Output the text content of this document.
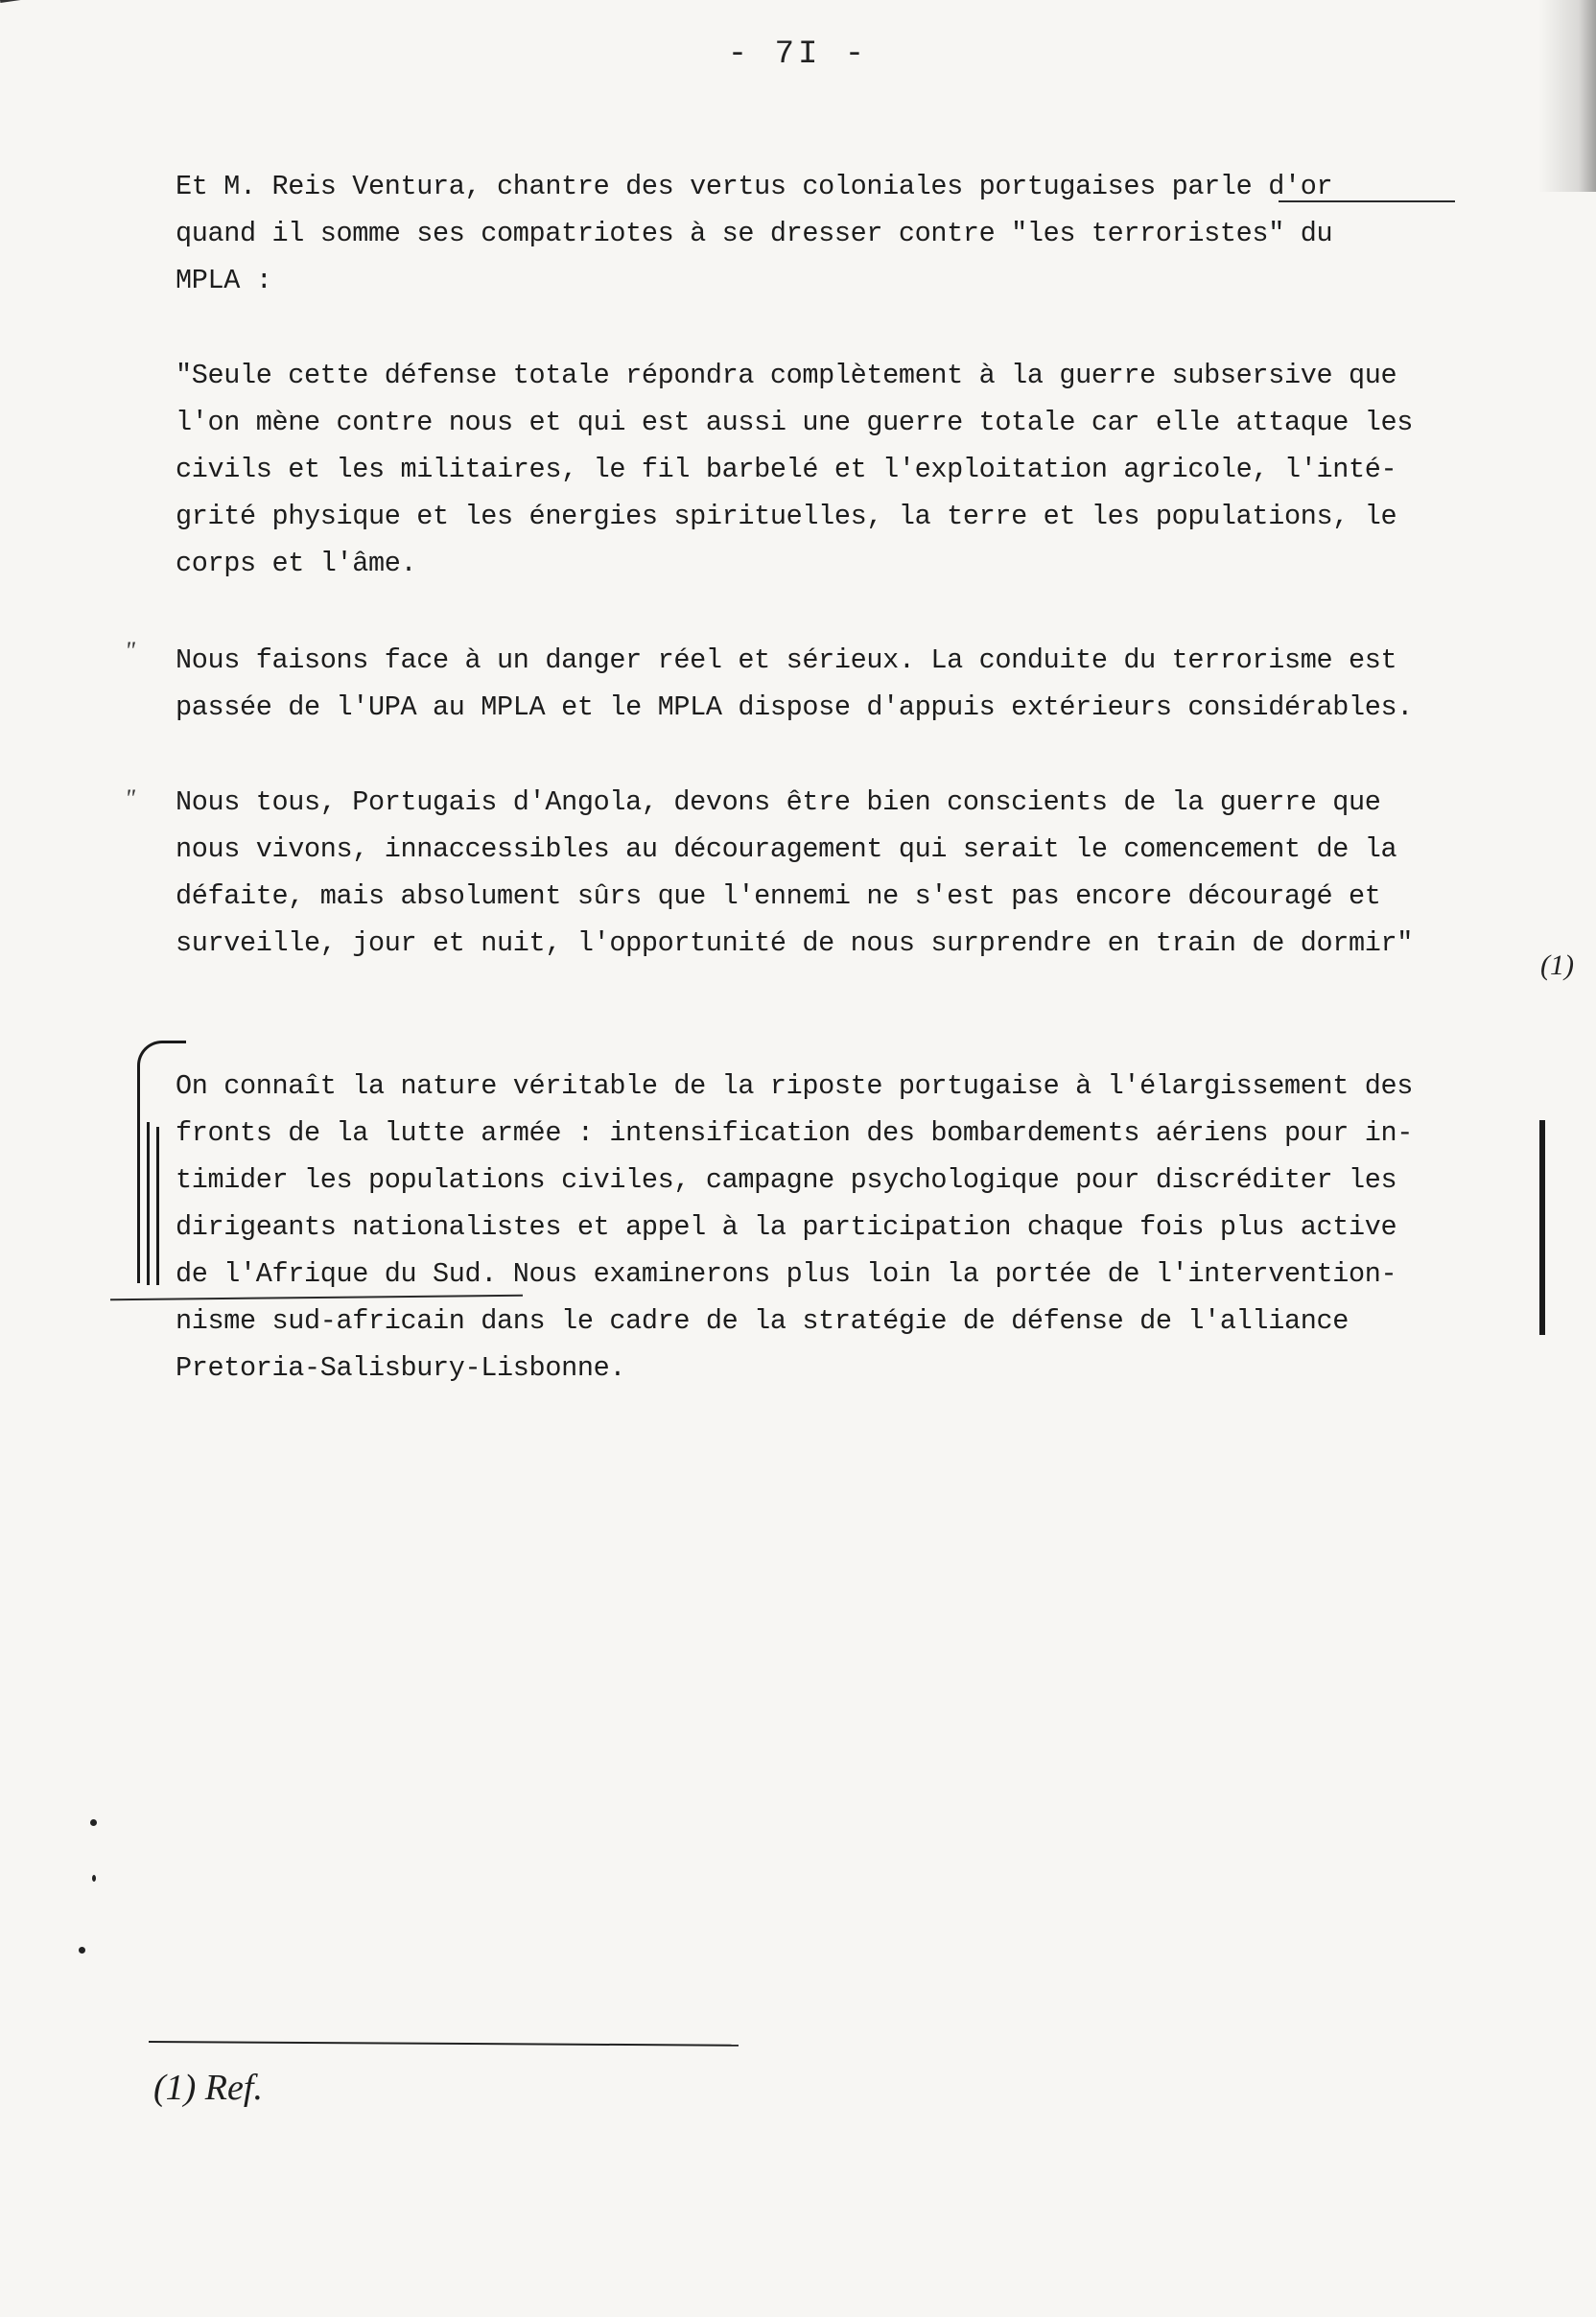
- 7I -

Et M. Reis Ventura, chantre des vertus coloniales portugaises parle d'or
quand il somme ses compatriotes à se dresser contre "les terroristes" du
MPLA :

"Seule cette défense totale répondra complètement à la guerre subsersive que
l'on mène contre nous et qui est aussi une guerre totale car elle attaque les
civils et les militaires, le fil barbelé et l'exploitation agricole, l'inté-
grité physique et les énergies spirituelles, la terre et les populations, le
corps et l'âme.

" Nous faisons face à un danger réel et sérieux. La conduite du terrorisme est
passée de l'UPA au MPLA et le MPLA dispose d'appuis extérieurs considérables.

" Nous tous, Portugais d'Angola, devons être bien conscients de la guerre que
nous vivons, innaccessibles au découragement qui serait le comencement de la
défaite, mais absolument sûrs que l'ennemi ne s'est pas encore découragé et
surveille, jour et nuit, l'opportunité de nous surprendre en train de dormir"

(1)

On connaît la nature véritable de la riposte portugaise à l'élargissement des
fronts de la lutte armée : intensification des bombardements aériens pour in-
timider les populations civiles, campagne psychologique pour discréditer les
dirigeants nationalistes et appel à la participation chaque fois plus active
de l'Afrique du Sud. Nous examinerons plus loin la portée de l'intervention-
nisme sud-africain dans le cadre de la stratégie de défense de l'alliance
Pretoria-Salisbury-Lisbonne.

(1) Ref.
